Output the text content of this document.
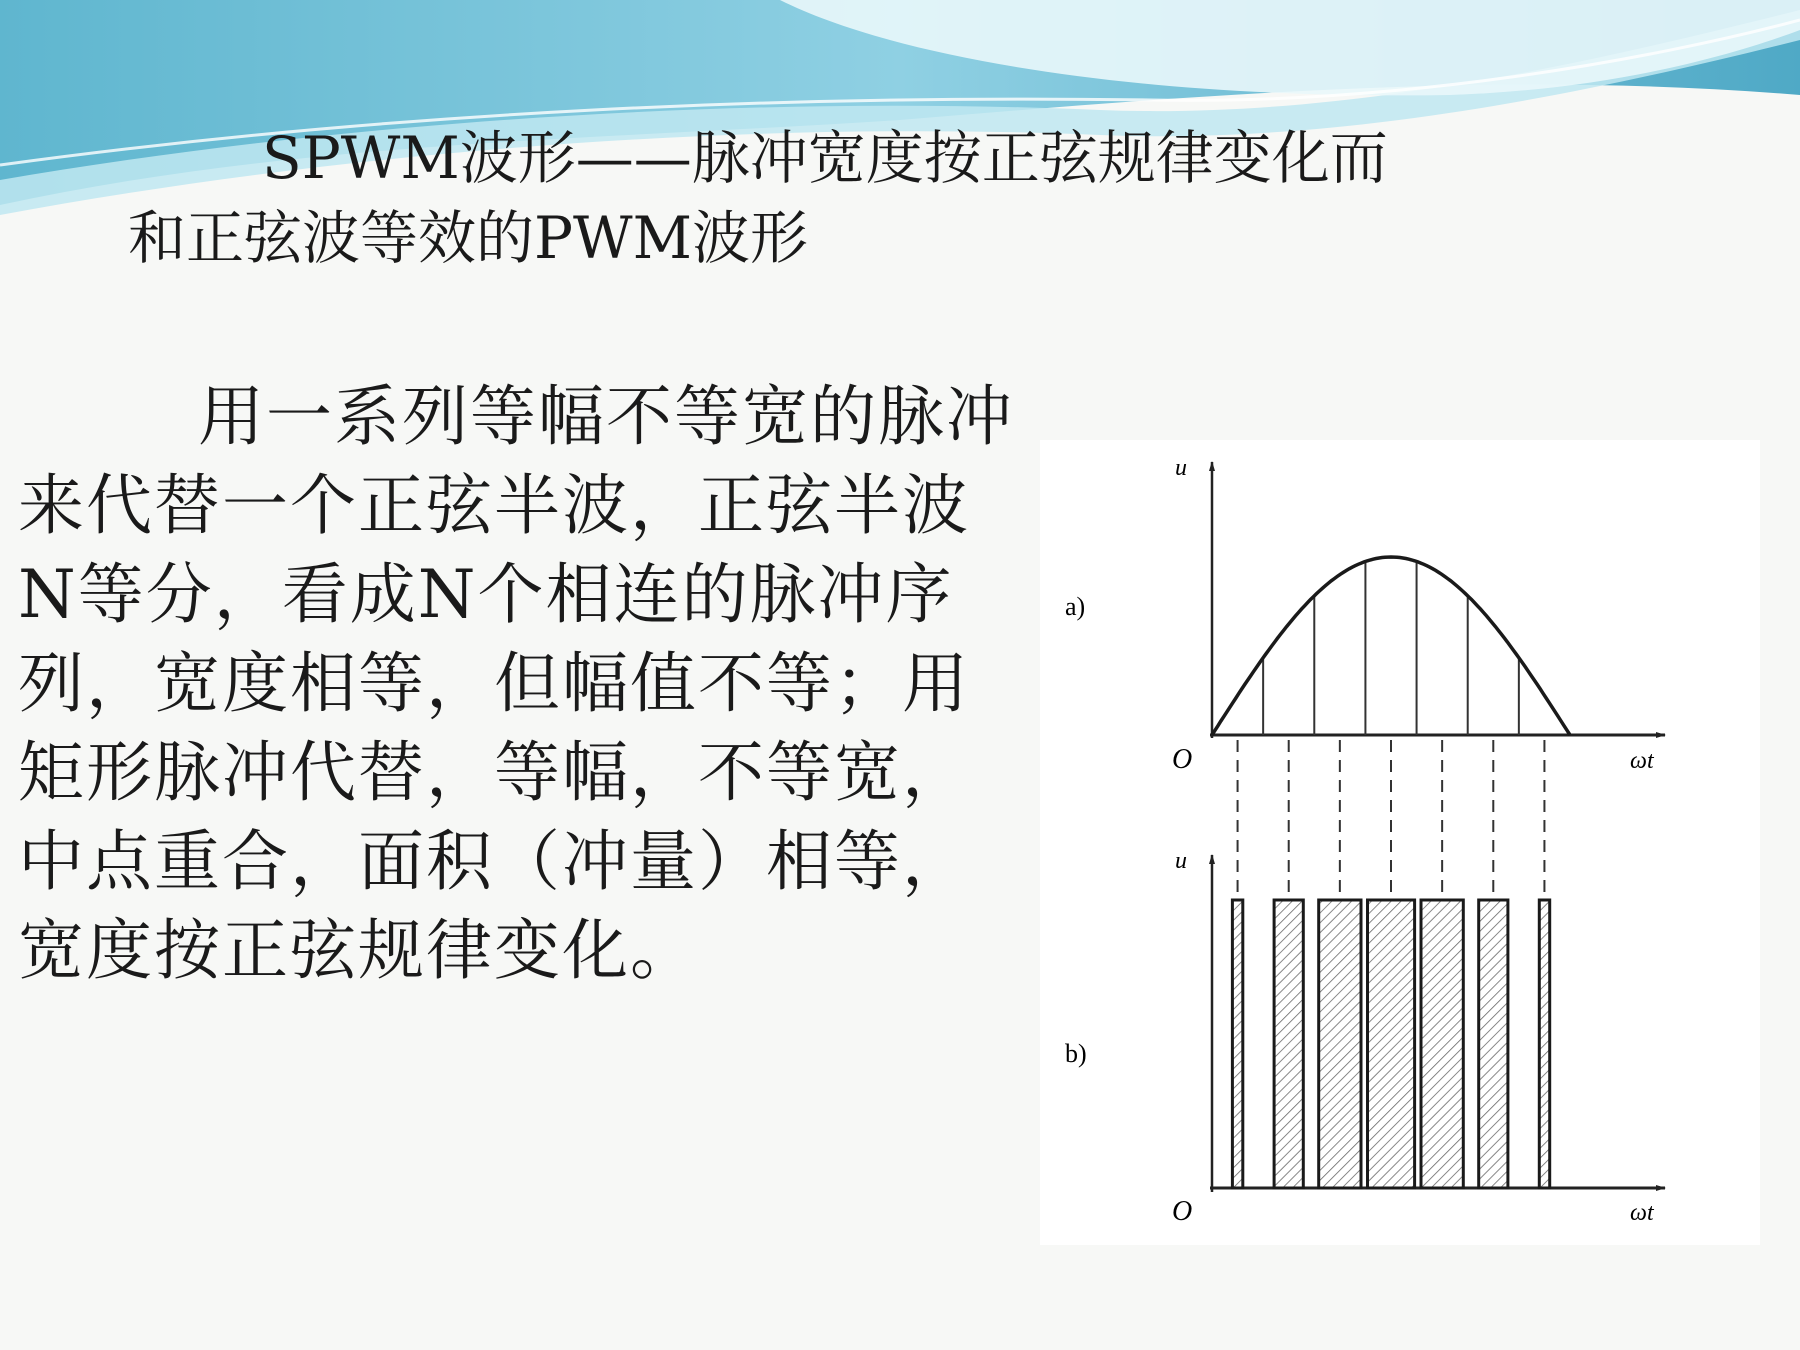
SPWM波形——脉冲宽度按正弦规律变化而
和正弦波等效的PWM波形

用一系列等幅不等宽的脉冲来代替一个正弦半波，正弦半波N等分，看成N个相连的脉冲序列，宽度相等，但幅值不等；用矩形脉冲代替，等幅，不等宽，中点重合，面积（冲量）相等，宽度按正弦规律变化。

u
a)
O	ωt
u
b)
O	ωt
